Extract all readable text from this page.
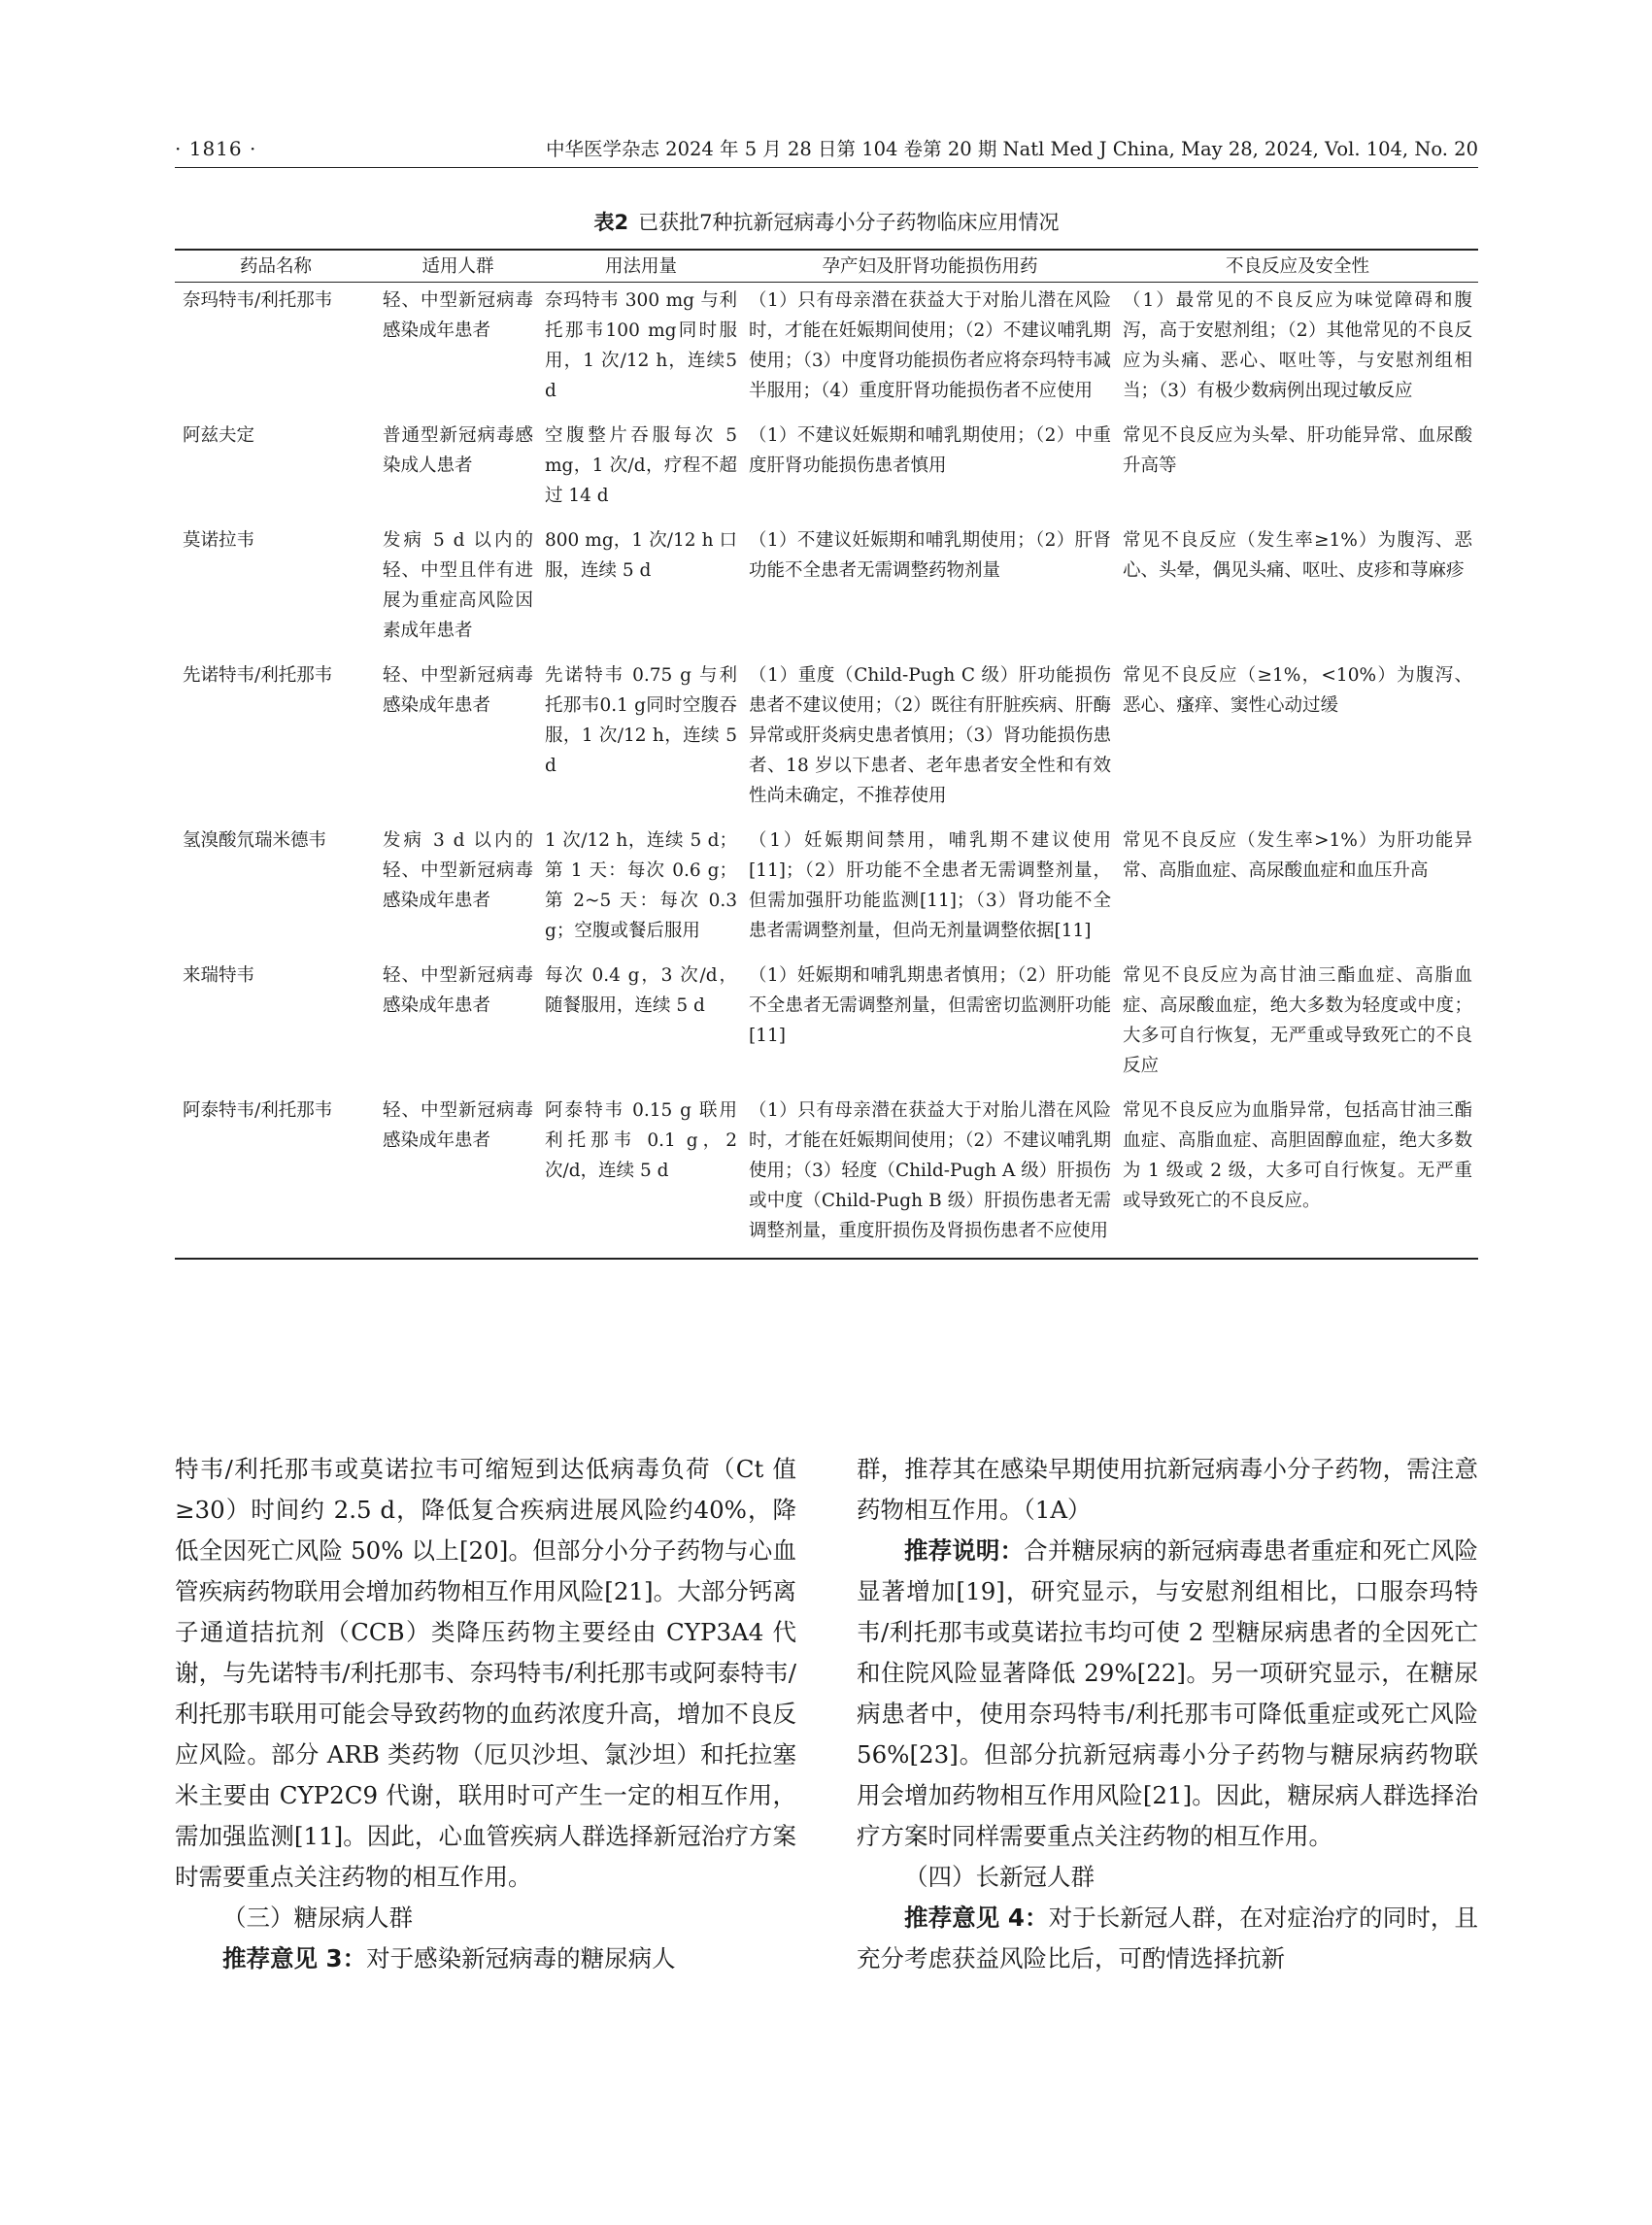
· 1816 ·	中华医学杂志 2024 年 5 月 28 日第 104 卷第 20 期 Natl Med J China, May 28, 2024, Vol. 104, No. 20
表2 已获批7种抗新冠病毒小分子药物临床应用情况
药品名称	适用人群	用法用量	孕产妇及肝肾功能损伤用药	不良反应及安全性
奈玛特韦/利托那韦	轻、中型新冠病毒感染成年患者	奈玛特韦 300 mg 与利托那韦100 mg同时服用，1 次/12 h，连续5 d	（1）只有母亲潜在获益大于对胎儿潜在风险时，才能在妊娠期间使用；（2）不建议哺乳期使用；（3）中度肾功能损伤者应将奈玛特韦减半服用；（4）重度肝肾功能损伤者不应使用	（1）最常见的不良反应为味觉障碍和腹泻，高于安慰剂组；（2）其他常见的不良反应为头痛、恶心、呕吐等，与安慰剂组相当；（3）有极少数病例出现过敏反应
阿兹夫定	普通型新冠病毒感染成人患者	空腹整片吞服每次 5 mg，1 次/d，疗程不超过 14 d	（1）不建议妊娠期和哺乳期使用；（2）中重度肝肾功能损伤患者慎用	常见不良反应为头晕、肝功能异常、血尿酸升高等
莫诺拉韦	发病 5 d 以内的轻、中型且伴有进展为重症高风险因素成年患者	800 mg，1 次/12 h 口服，连续 5 d	（1）不建议妊娠期和哺乳期使用；（2）肝肾功能不全患者无需调整药物剂量	常见不良反应（发生率≥1%）为腹泻、恶心、头晕，偶见头痛、呕吐、皮疹和荨麻疹
先诺特韦/利托那韦	轻、中型新冠病毒感染成年患者	先诺特韦 0.75 g 与利托那韦0.1 g同时空腹吞服，1 次/12 h，连续 5 d	（1）重度（Child-Pugh C 级）肝功能损伤患者不建议使用；（2）既往有肝脏疾病、肝酶异常或肝炎病史患者慎用；（3）肾功能损伤患者、18 岁以下患者、老年患者安全性和有效性尚未确定，不推荐使用	常见不良反应（≥1%，<10%）为腹泻、恶心、瘙痒、窦性心动过缓
氢溴酸氘瑞米德韦	发病 3 d 以内的轻、中型新冠病毒感染成年患者	1 次/12 h，连续 5 d；第 1 天：每次 0.6 g；第 2~5 天：每次 0.3 g；空腹或餐后服用	（1）妊娠期间禁用，哺乳期不建议使用[11]；（2）肝功能不全患者无需调整剂量，但需加强肝功能监测[11]；（3）肾功能不全患者需调整剂量，但尚无剂量调整依据[11]	常见不良反应（发生率>1%）为肝功能异常、高脂血症、高尿酸血症和血压升高
来瑞特韦	轻、中型新冠病毒感染成年患者	每次 0.4 g，3 次/d，随餐服用，连续 5 d	（1）妊娠期和哺乳期患者慎用；（2）肝功能不全患者无需调整剂量，但需密切监测肝功能[11]	常见不良反应为高甘油三酯血症、高脂血症、高尿酸血症，绝大多数为轻度或中度；大多可自行恢复，无严重或导致死亡的不良反应
阿泰特韦/利托那韦	轻、中型新冠病毒感染成年患者	阿泰特韦 0.15 g 联用利托那韦 0.1 g，2次/d，连续 5 d	（1）只有母亲潜在获益大于对胎儿潜在风险时，才能在妊娠期间使用；（2）不建议哺乳期使用；（3）轻度（Child-Pugh A 级）肝损伤或中度（Child-Pugh B 级）肝损伤患者无需调整剂量，重度肝损伤及肾损伤患者不应使用	常见不良反应为血脂异常，包括高甘油三酯血症、高脂血症、高胆固醇血症，绝大多数为 1 级或 2 级，大多可自行恢复。无严重或导致死亡的不良反应。

特韦/利托那韦或莫诺拉韦可缩短到达低病毒负荷（Ct 值≥30）时间约 2.5 d，降低复合疾病进展风险约40%，降低全因死亡风险 50% 以上[20]。但部分小分子药物与心血管疾病药物联用会增加药物相互作用风险[21]。大部分钙离子通道拮抗剂（CCB）类降压药物主要经由 CYP3A4 代谢，与先诺特韦/利托那韦、奈玛特韦/利托那韦或阿泰特韦/利托那韦联用可能会导致药物的血药浓度升高，增加不良反应风险。部分 ARB 类药物（厄贝沙坦、氯沙坦）和托拉塞米主要由 CYP2C9 代谢，联用时可产生一定的相互作用，需加强监测[11]。因此，心血管疾病人群选择新冠治疗方案时需要重点关注药物的相互作用。

（三）糖尿病人群

推荐意见 3：对于感染新冠病毒的糖尿病人

群，推荐其在感染早期使用抗新冠病毒小分子药物，需注意药物相互作用。（1A）

推荐说明：合并糖尿病的新冠病毒患者重症和死亡风险显著增加[19]，研究显示，与安慰剂组相比，口服奈玛特韦/利托那韦或莫诺拉韦均可使 2 型糖尿病患者的全因死亡和住院风险显著降低 29%[22]。另一项研究显示，在糖尿病患者中，使用奈玛特韦/利托那韦可降低重症或死亡风险 56%[23]。但部分抗新冠病毒小分子药物与糖尿病药物联用会增加药物相互作用风险[21]。因此，糖尿病人群选择治疗方案时同样需要重点关注药物的相互作用。

（四）长新冠人群

推荐意见 4：对于长新冠人群，在对症治疗的同时，且充分考虑获益风险比后，可酌情选择抗新
